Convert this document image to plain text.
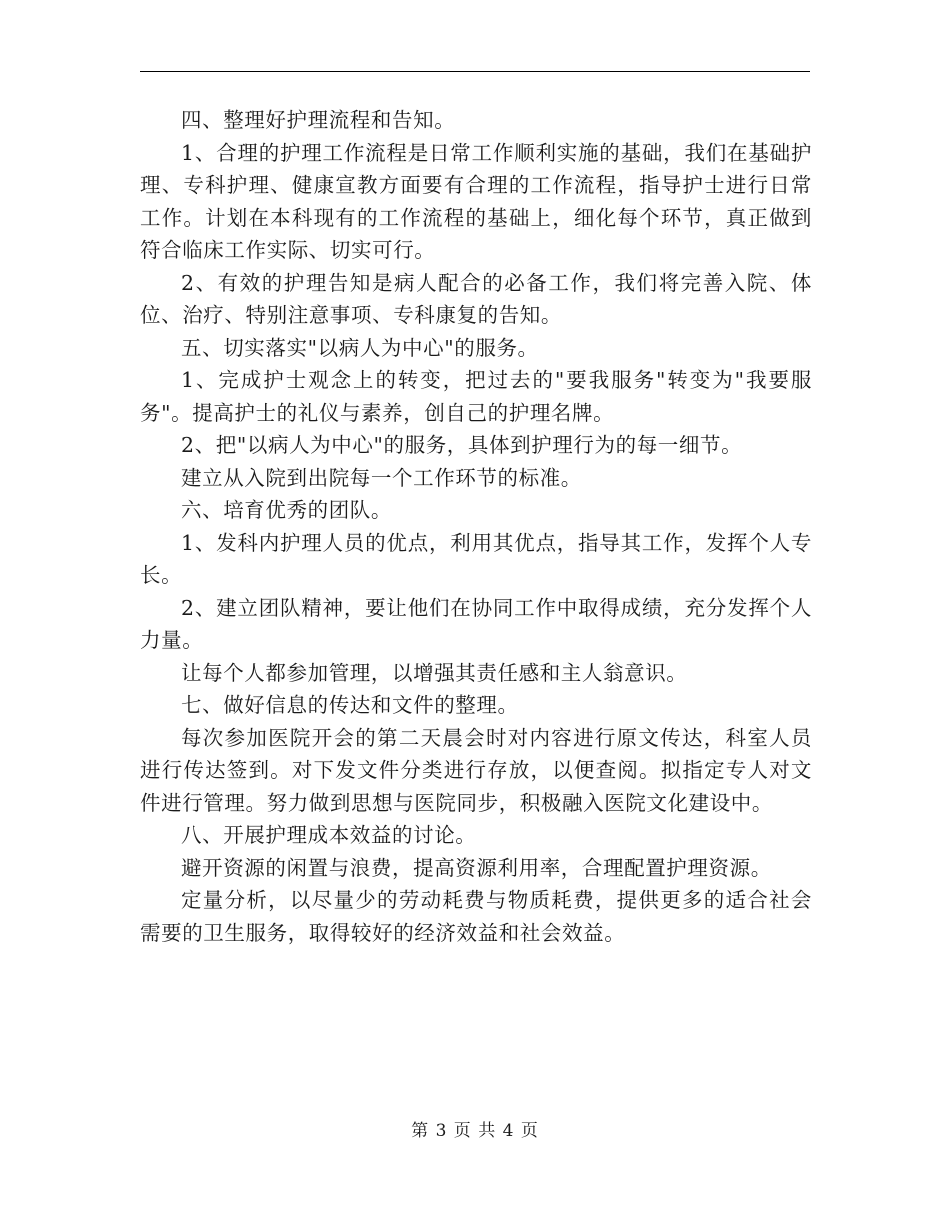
四、整理好护理流程和告知。

1、合理的护理工作流程是日常工作顺利实施的基础，我们在基础护理、专科护理、健康宣教方面要有合理的工作流程，指导护士进行日常工作。计划在本科现有的工作流程的基础上，细化每个环节，真正做到符合临床工作实际、切实可行。

2、有效的护理告知是病人配合的必备工作，我们将完善入院、体位、治疗、特别注意事项、专科康复的告知。

五、切实落实"以病人为中心"的服务。

1、完成护士观念上的转变，把过去的"要我服务"转变为"我要服务"。提高护士的礼仪与素养，创自己的护理名牌。

2、把"以病人为中心"的服务，具体到护理行为的每一细节。

建立从入院到出院每一个工作环节的标准。

六、培育优秀的团队。

1、发科内护理人员的优点，利用其优点，指导其工作，发挥个人专长。

2、建立团队精神，要让他们在协同工作中取得成绩，充分发挥个人力量。

让每个人都参加管理，以增强其责任感和主人翁意识。

七、做好信息的传达和文件的整理。

每次参加医院开会的第二天晨会时对内容进行原文传达，科室人员进行传达签到。对下发文件分类进行存放，以便查阅。拟指定专人对文件进行管理。努力做到思想与医院同步，积极融入医院文化建设中。

八、开展护理成本效益的讨论。

避开资源的闲置与浪费，提高资源利用率，合理配置护理资源。

定量分析，以尽量少的劳动耗费与物质耗费，提供更多的适合社会需要的卫生服务，取得较好的经济效益和社会效益。

第 3 页 共 4 页
